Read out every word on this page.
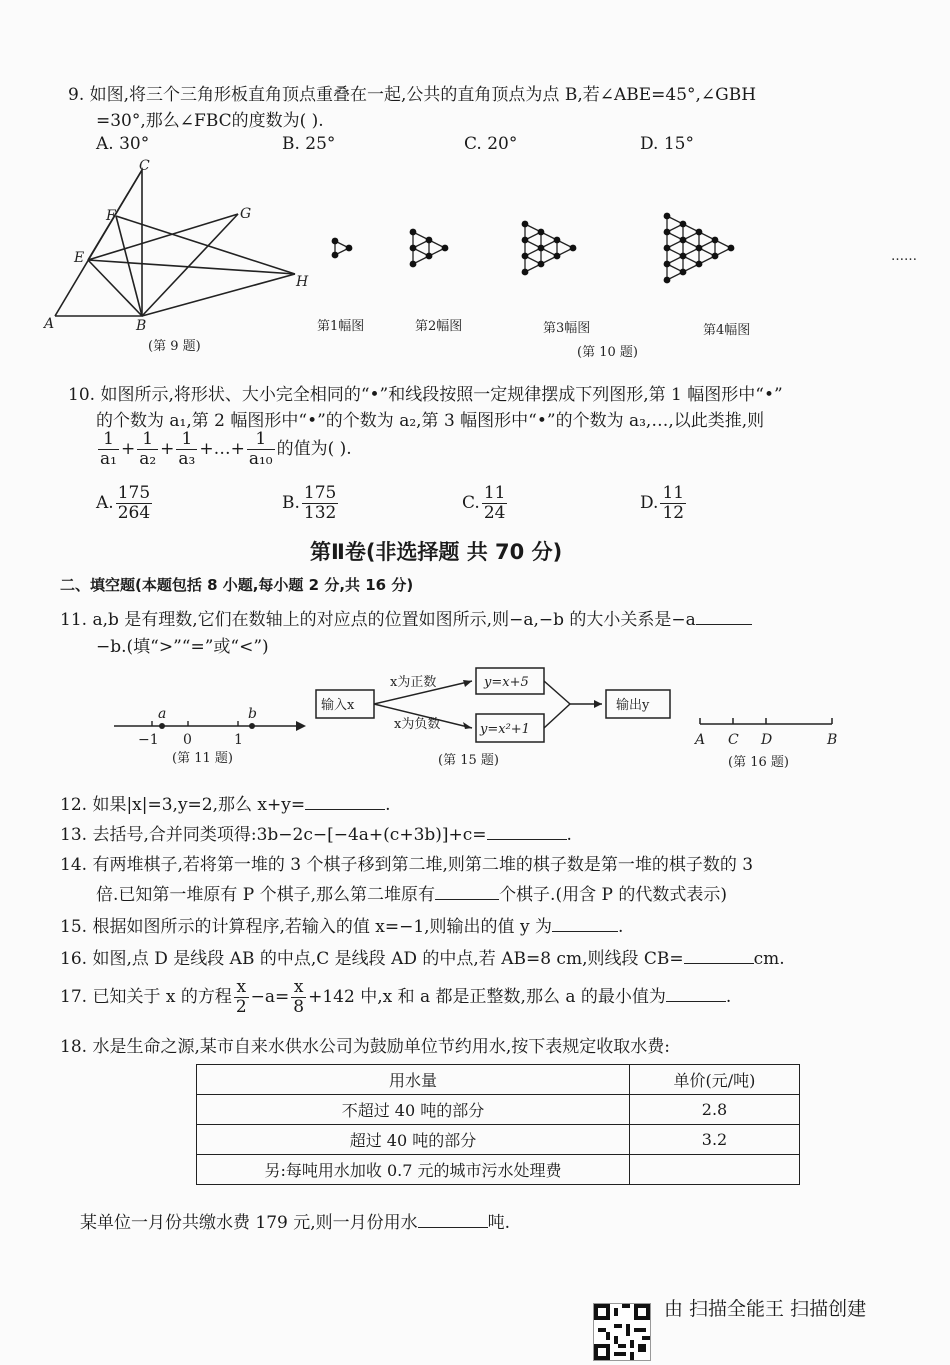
9. 如图,将三个三角形板直角顶点重叠在一起,公共的直角顶点为点 B,若∠ABE=45°,∠GBH
=30°,那么∠FBC的度数为( ).
A. 30°	B. 25°	C. 20°	D. 15°
C
F	G
E
H
A	B
(第 9 题)
第1幅图	第2幅图	第3幅图	第4幅图
……
(第 10 题)
10. 如图所示,将形状、大小完全相同的“•”和线段按照一定规律摆成下列图形,第 1 幅图形中“•”
的个数为 a₁,第 2 幅图形中“•”的个数为 a₂,第 3 幅图形中“•”的个数为 a₃,…,以此类推,则
$\frac{1}{\text{a₁}} + \frac{1}{\text{a₂}} + \frac{1}{\text{a₃}}$ +…+ $\frac{1}{\text{a₁₀}}$ 的值为( ).
A. $\frac{175}{264}$	B. $\frac{175}{132}$	C. $\frac{11}{24}$	D. $\frac{11}{12}$
第Ⅱ卷(非选择题 共 70 分)
二、填空题(本题包括 8 小题,每小题 2 分,共 16 分)
11. a,b 是有理数,它们在数轴上的对应点的位置如图所示,则−a,−b 的大小关系是−a
−b.(填“>”“=”或“<”)
a	b
−1 0	1
(第 11 题)
输入x
x为正数
x为负数
y=x+5
y=x²+1
输出y
(第 15 题)
A C D	B
(第 16 题)
12. 如果|x|=3,y=2,那么 x+y=	.
13. 去括号,合并同类项得:3b−2c−[−4a+(c+3b)]+c=	.
14. 有两堆棋子,若将第一堆的 3 个棋子移到第二堆,则第二堆的棋子数是第一堆的棋子数的 3
倍.已知第一堆原有 P 个棋子,那么第二堆原有	个棋子.(用含 P 的代数式表示)
15. 根据如图所示的计算程序,若输入的值 x=−1,则输出的值 y 为	.
16. 如图,点 D 是线段 AB 的中点,C 是线段 AD 的中点,若 AB=8 cm,则线段 CB=	cm.
17. 已知关于 x 的方程 $\frac{x}{2} -a= \frac{x}{8} +142$ 中,x 和 a 都是正整数,那么 a 的最小值为	.
18. 水是生命之源,某市自来水供水公司为鼓励单位节约用水,按下表规定收取水费:
用水量	单价(元/吨)
不超过 40 吨的部分	2.8
超过 40 吨的部分	3.2
另:每吨用水加收 0.7 元的城市污水处理费	
某单位一月份共缴水费 179 元,则一月份用水	吨.
由 扫描全能王 扫描创建
